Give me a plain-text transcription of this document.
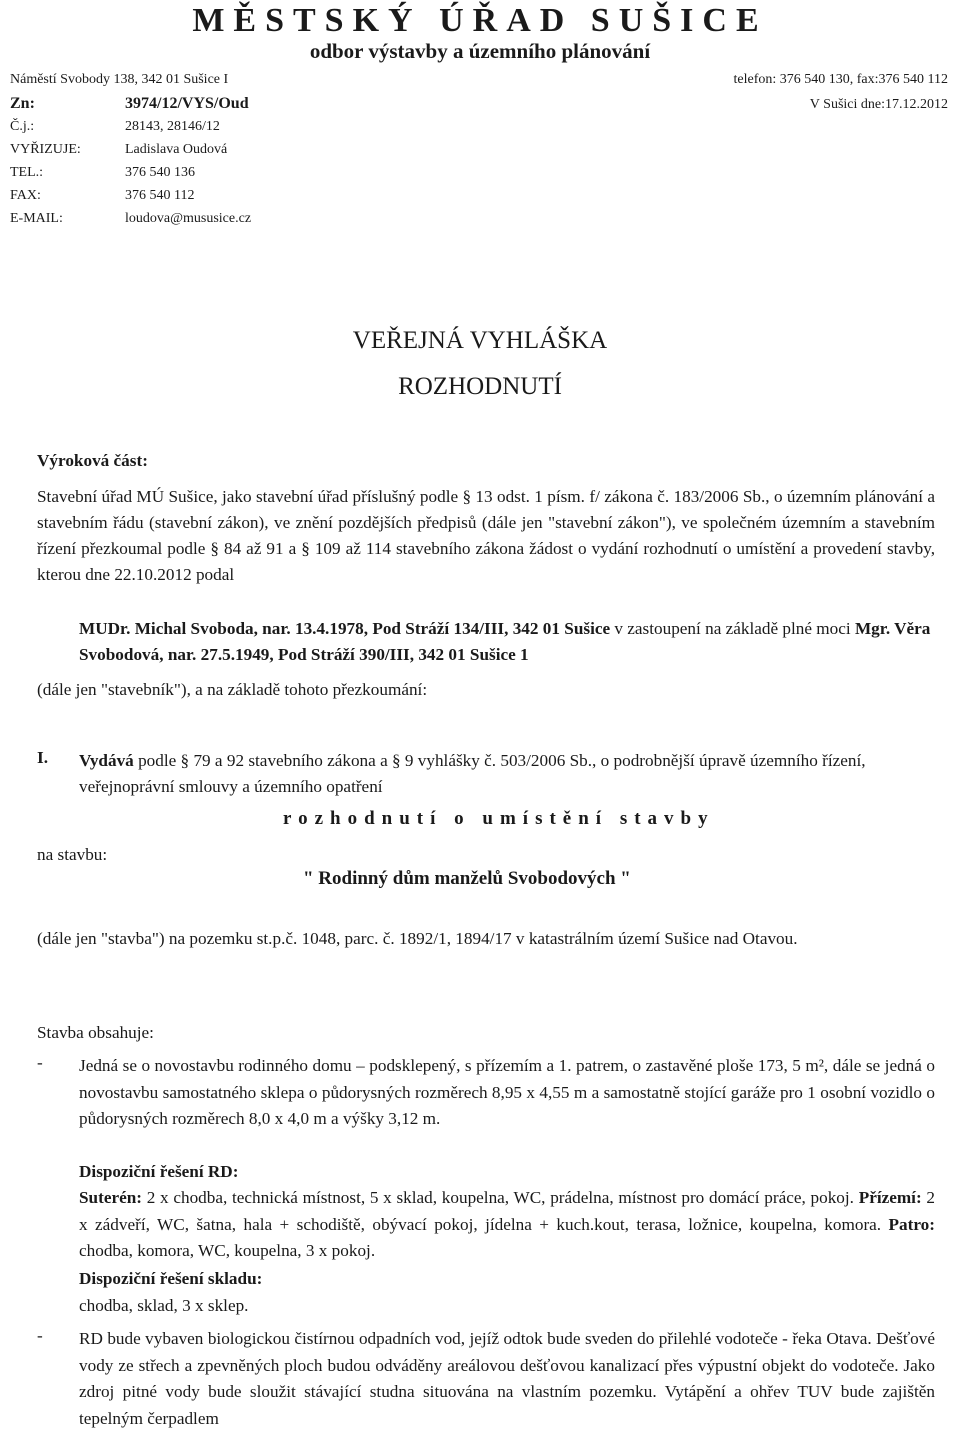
MĚSTSKÝ ÚŘAD SUŠICE
odbor výstavby a územního plánování
Náměstí Svobody 138, 342 01 Sušice I	telefon: 376 540 130, fax:376 540 112
Zn:	3974/12/VYS/Oud	V Sušici dne:17.12.2012
Č.j.:	28143, 28146/12
VYŘIZUJE:	Ladislava Oudová
TEL.:	376 540 136
FAX:	376 540 112
E-MAIL:	loudova@mususice.cz
VEŘEJNÁ VYHLÁŠKA
ROZHODNUTÍ
Výroková část:

Stavební úřad MÚ Sušice, jako stavební úřad příslušný podle § 13 odst. 1 písm. f/ zákona č. 183/2006 Sb., o územním plánování a stavebním řádu (stavební zákon), ve znění pozdějších předpisů (dále jen "stavební zákon"), ve společném územním a stavebním řízení přezkoumal podle § 84 až 91 a § 109 až 114 stavebního zákona žádost o vydání rozhodnutí o umístění a provedení stavby, kterou dne 22.10.2012 podal

MUDr. Michal Svoboda, nar. 13.4.1978, Pod Stráží 134/III, 342 01 Sušice v zastoupení na základě plné moci Mgr. Věra Svobodová, nar. 27.5.1949, Pod Stráží 390/III, 342 01 Sušice 1

(dále jen "stavebník"), a na základě tohoto přezkoumání:

I. Vydává podle § 79 a 92 stavebního zákona a § 9 vyhlášky č. 503/2006 Sb., o podrobnější úpravě územního řízení, veřejnoprávní smlouvy a územního opatření

rozhodnutí o umístění stavby
na stavbu:
" Rodinný dům manželů Svobodových "

(dále jen "stavba") na pozemku st.p.č. 1048, parc. č. 1892/1, 1894/17 v katastrálním území Sušice nad Otavou.

Stavba obsahuje:
- Jedná se o novostavbu rodinného domu – podsklepený, s přízemím a 1. patrem, o zastavěné ploše 173, 5 m², dále se jedná o novostavbu samostatného sklepa o půdorysných rozměrech 8,95 x 4,55 m a samostatně stojící garáže pro 1 osobní vozidlo o půdorysných rozměrech 8,0 x 4,0 m a výšky 3,12 m.

Dispoziční řešení RD:

Suterén: 2 x chodba, technická místnost, 5 x sklad, koupelna, WC, prádelna, místnost pro domácí práce, pokoj. Přízemí: 2 x zádveří, WC, šatna, hala + schodiště, obývací pokoj, jídelna + kuch.kout, terasa, ložnice, koupelna, komora. Patro: chodba, komora, WC, koupelna, 3 x pokoj.

Dispoziční řešení skladu:
chodba, sklad, 3 x sklep.
- RD bude vybaven biologickou čistírnou odpadních vod, jejíž odtok bude sveden do přilehlé vodoteče - řeka Otava. Dešťové vody ze střech a zpevněných ploch budou odváděny areálovou dešťovou kanalizací přes výpustní objekt do vodoteče. Jako zdroj pitné vody bude sloužit stávající studna situována na vlastním pozemku. Vytápění a ohřev TUV bude zajištěn tepelným čerpadlem
